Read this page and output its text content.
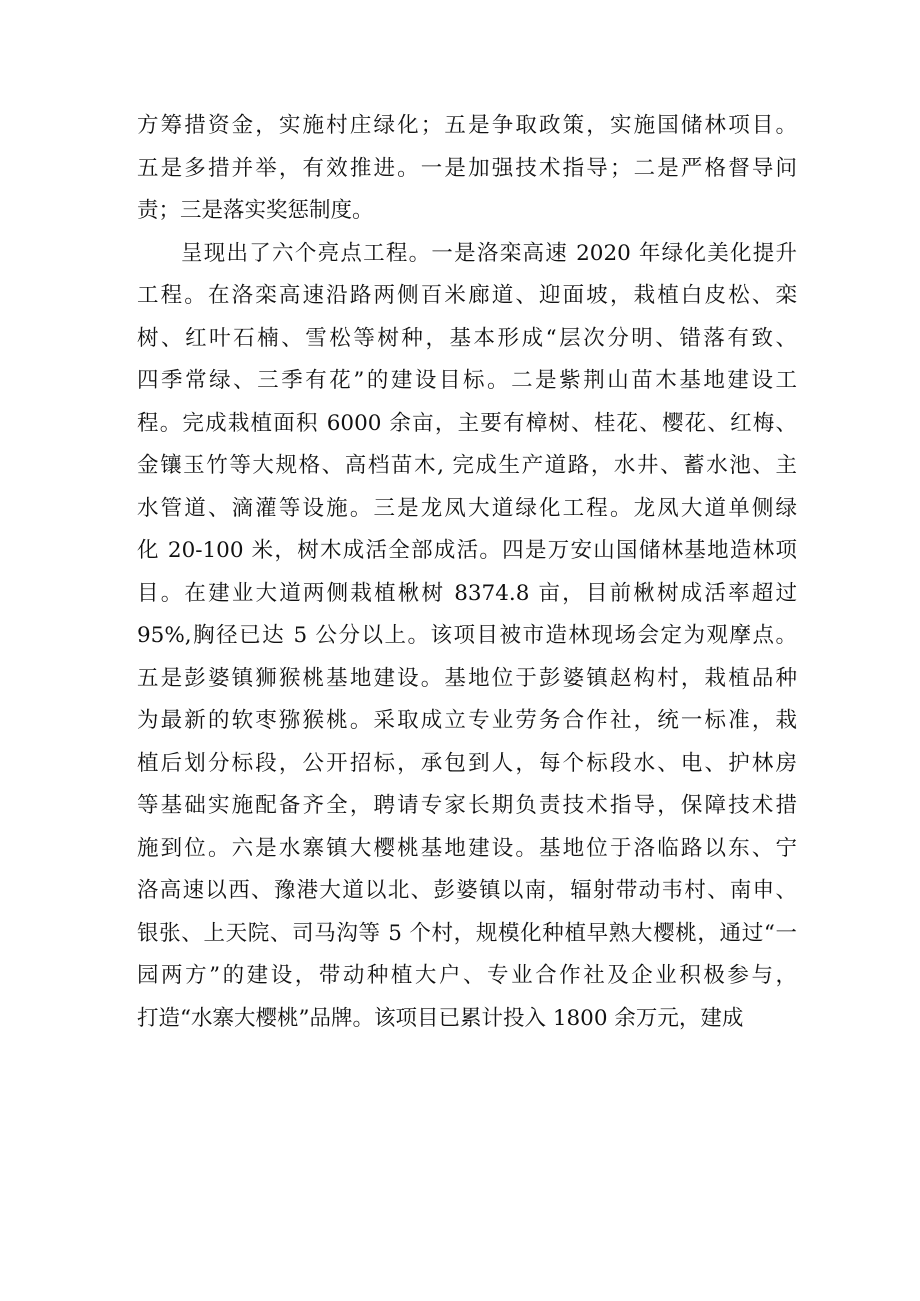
方筹措资金，实施村庄绿化；五是争取政策，实施国储林项目。
五是多措并举，有效推进。一是加强技术指导；二是严格督导问
责；三是落实奖惩制度。
呈现出了六个亮点工程。一是洛栾高速 2020 年绿化美化提升
工程。在洛栾高速沿路两侧百米廊道、迎面坡，栽植白皮松、栾
树、红叶石楠、雪松等树种，基本形成“层次分明、错落有致、
四季常绿、三季有花”的建设目标。二是紫荆山苗木基地建设工
程。完成栽植面积 6000 余亩，主要有樟树、桂花、樱花、红梅、
金镶玉竹等大规格、高档苗木, 完成生产道路，水井、蓄水池、主
水管道、滴灌等设施。三是龙凤大道绿化工程。龙凤大道单侧绿
化 20-100 米，树木成活全部成活。四是万安山国储林基地造林项
目。在建业大道两侧栽植楸树 8374.8 亩，目前楸树成活率超过
95%,胸径已达 5 公分以上。该项目被市造林现场会定为观摩点。
五是彭婆镇狮猴桃基地建设。基地位于彭婆镇赵构村，栽植品种
为最新的软枣猕猴桃。采取成立专业劳务合作社，统一标准，栽
植后划分标段，公开招标，承包到人，每个标段水、电、护林房
等基础实施配备齐全，聘请专家长期负责技术指导，保障技术措
施到位。六是水寨镇大樱桃基地建设。基地位于洛临路以东、宁
洛高速以西、豫港大道以北、彭婆镇以南，辐射带动韦村、南申、
银张、上天院、司马沟等 5 个村，规模化种植早熟大樱桃，通过“一
园两方”的建设，带动种植大户、专业合作社及企业积极参与，
打造“水寨大樱桃”品牌。该项目已累计投入 1800 余万元，建成
